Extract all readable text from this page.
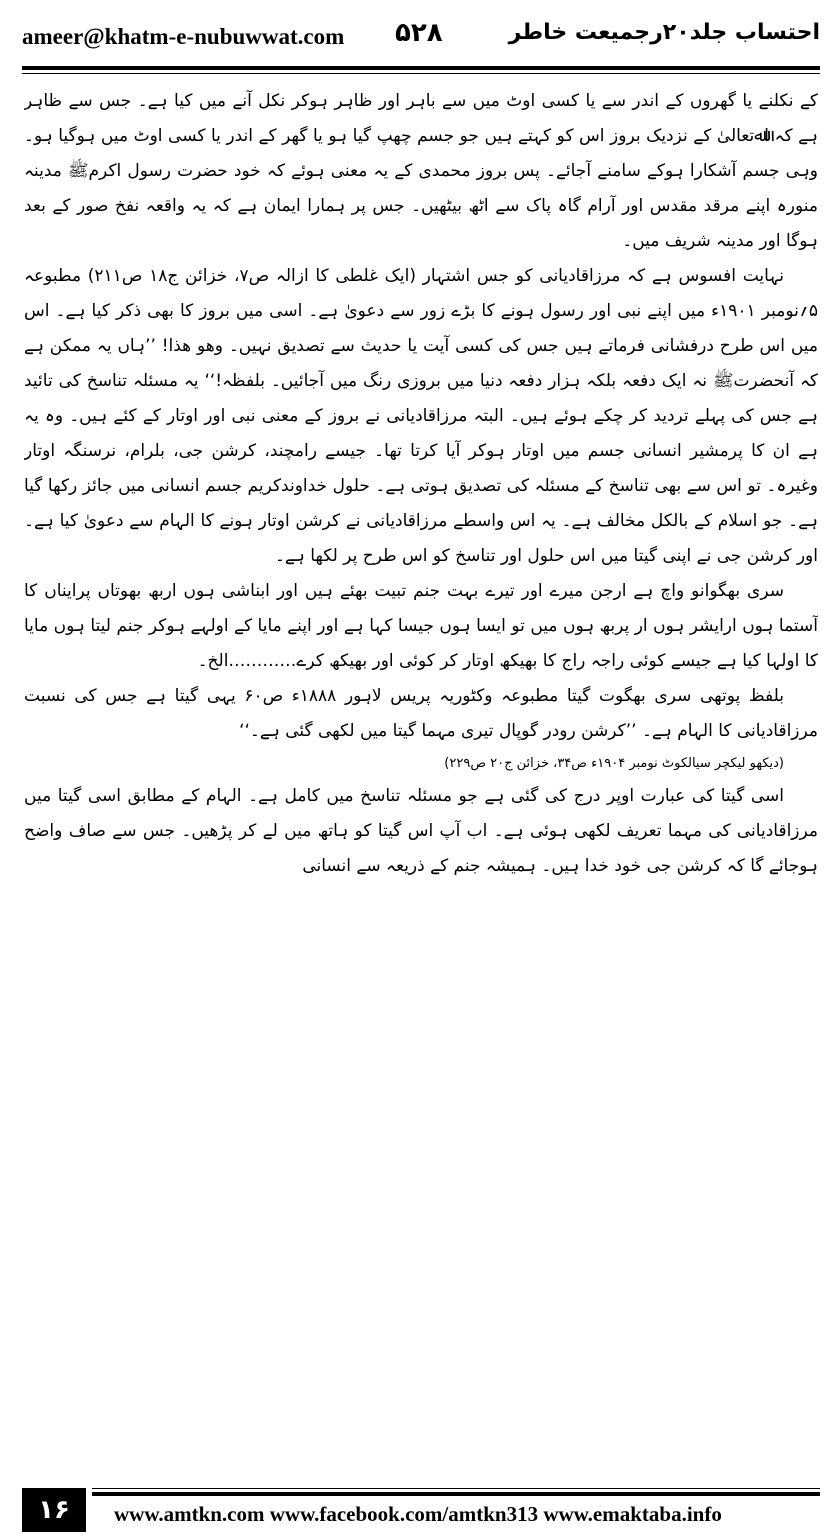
ameer@khatm-e-nubuwwat.com ۵۲۸	احتساب جلد۲۰رجمیعت خاطر

کے نکلنے یا گھروں کے اندر سے یا کسی اوٹ میں سے باہر اور ظاہر ہوکر نکل آنے میں کیا ہے۔ جس سے ظاہر ہے کہ اﷲتعالیٰ کے نزدیک بروز اس کو کہتے ہیں جو جسم چھپ گیا ہو یا گھر کے اندر یا کسی اوٹ میں ہوگیا ہو۔ وہی جسم آشکارا ہوکے سامنے آجائے۔ پس بروز محمدی کے یہ معنی ہوئے کہ خود حضرت رسول اکرمﷺ مدینہ منورہ اپنے مرقد مقدس اور آرام گاہ پاک سے اٹھ بیٹھیں۔ جس پر ہمارا ایمان ہے کہ یہ واقعہ نفخ صور کے بعد ہوگا اور مدینہ شریف میں۔

نہایت افسوس ہے کہ مرزاقادیانی کو جس اشتہار (ایک غلطی کا ازالہ ص۷، خزائن ج۱۸ ص۲۱۱) مطبوعہ ۵؍نومبر ۱۹۰۱ء میں اپنے نبی اور رسول ہونے کا بڑے زور سے دعویٰ ہے۔ اسی میں بروز کا بھی ذکر کیا ہے۔ اس میں اس طرح درفشانی فرماتے ہیں جس کی کسی آیت یا حدیث سے تصدیق نہیں۔ وھو ھذا! ’’ہاں یہ ممکن ہے کہ آنحضرتﷺ نہ ایک دفعہ بلکہ ہزار دفعہ دنیا میں بروزی رنگ میں آجائیں۔ بلفظہ!‘‘ یہ مسئلہ تناسخ کی تائید ہے جس کی پہلے تردید کر چکے ہوئے ہیں۔ البتہ مرزاقادیانی نے بروز کے معنی نبی اور اوتار کے کئے ہیں۔ وہ یہ ہے ان کا پرمشیر انسانی جسم میں اوتار ہوکر آیا کرتا تھا۔ جیسے رامچند، کرشن جی، بلرام، نرسنگہ اوتار وغیرہ۔ تو اس سے بھی تناسخ کے مسئلہ کی تصدیق ہوتی ہے۔ حلول خداوندکریم جسم انسانی میں جائز رکھا گیا ہے۔ جو اسلام کے بالکل مخالف ہے۔ یہ اس واسطے مرزاقادیانی نے کرشن اوتار ہونے کا الہام سے دعویٰ کیا ہے۔ اور کرشن جی نے اپنی گیتا میں اس حلول اور تناسخ کو اس طرح پر لکھا ہے۔

سری بھگوانو واچ ہے ارجن میرے اور تیرے بہت جنم تبیت بھئے ہیں اور ابناشی ہوں اربھ بھوتاں پرایناں کا آستما ہوں ارایشر ہوں ار پربھ ہوں میں تو ایسا ہوں جیسا کہا ہے اور اپنے مایا کے اولہے ہوکر جنم لیتا ہوں مایا کا اولہا کیا ہے جیسے کوئی راجہ راج کا بھیکھ اوتار کر کوئی اور بھیکھ کرے…………الخ۔

بلفظ پوتھی سری بھگوت گیتا مطبوعہ وکٹوریہ پریس لاہور ۱۸۸۸ء ص۶۰ یہی گیتا ہے جس کی نسبت مرزاقادیانی کا الہام ہے۔ ’’کرشن رودر گوپال تیری مہما گیتا میں لکھی گئی ہے۔‘‘

(دیکھو لیکچر سیالکوٹ نومبر ۱۹۰۴ء ص۳۴، خزائن ج۲۰ ص۲۲۹)

اسی گیتا کی عبارت اوپر درج کی گئی ہے جو مسئلہ تناسخ میں کامل ہے۔ الہام کے مطابق اسی گیتا میں مرزاقادیانی کی مہما تعریف لکھی ہوئی ہے۔ اب آپ اس گیتا کو ہاتھ میں لے کر پڑھیں۔ جس سے صاف واضح ہوجائے گا کہ کرشن جی خود خدا ہیں۔ ہمیشہ جنم کے ذریعہ سے انسانی

۱۶	www.amtkn.com www.facebook.com/amtkn313 www.emaktaba.info
